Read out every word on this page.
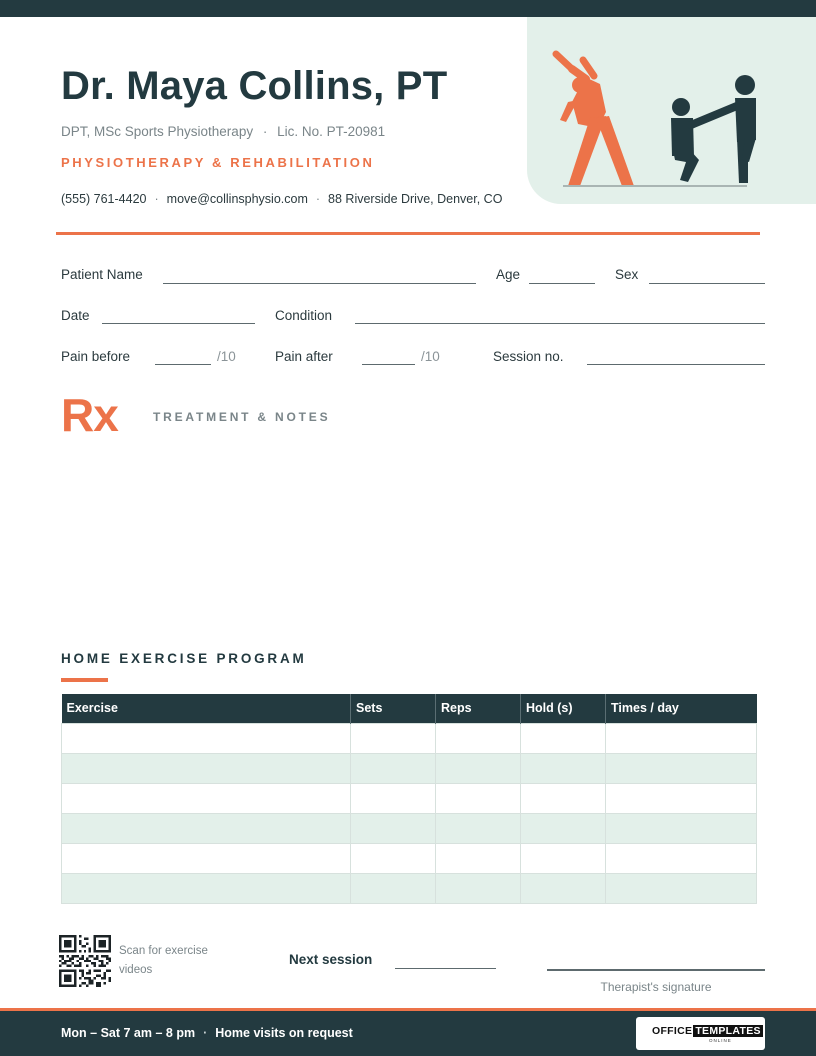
Dr. Maya Collins, PT
DPT, MSc Sports Physiotherapy · Lic. No. PT-20981
PHYSIOTHERAPY & REHABILITATION
(555) 761-4420 · move@collinsphysio.com · 88 Riverside Drive, Denver, CO
Patient Name	Age	Sex
Date	Condition
Pain before	/10	Pain after	/10	Session no.
Rx	TREATMENT & NOTES
HOME EXERCISE PROGRAM
Exercise	Sets	Reps	Hold (s)	Times / day

Scan for exercise videos
Next session
Therapist's signature
Mon – Sat 7 am – 8 pm · Home visits on request	OFFICE TEMPLATES
ONLINE
